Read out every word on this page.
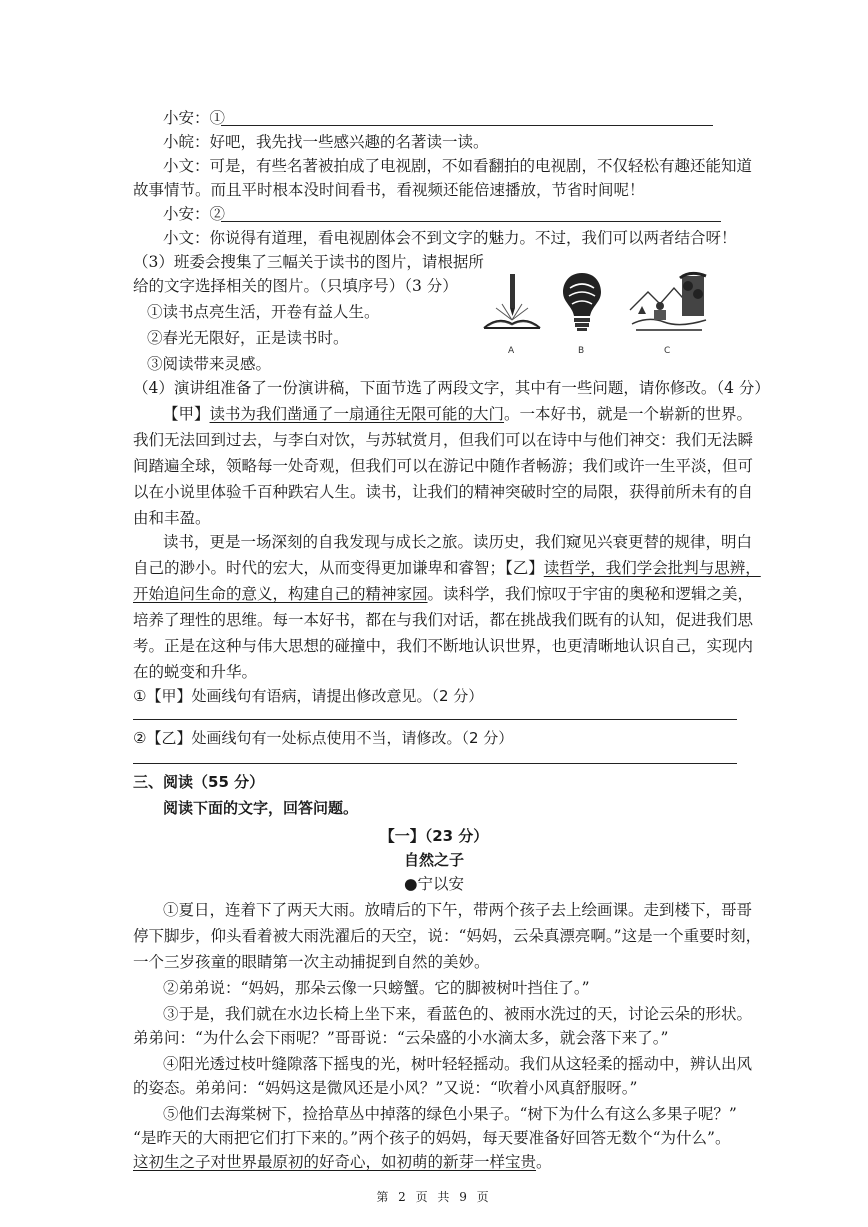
小安：①
小皖：好吧，我先找一些感兴趣的名著读一读。
小文：可是，有些名著被拍成了电视剧，不如看翻拍的电视剧，不仅轻松有趣还能知道
故事情节。而且平时根本没时间看书，看视频还能倍速播放，节省时间呢！
小安：②
小文：你说得有道理，看电视剧体会不到文字的魅力。不过，我们可以两者结合呀！
（3）班委会搜集了三幅关于读书的图片，请根据所
给的文字选择相关的图片。（只填序号）（3 分）
①读书点亮生活，开卷有益人生。
②春光无限好，正是读书时。
③阅读带来灵感。
A	B	C
（4）演讲组准备了一份演讲稿，下面节选了两段文字，其中有一些问题，请你修改。（4 分）
【甲】读书为我们凿通了一扇通往无限可能的大门。一本好书，就是一个崭新的世界。
我们无法回到过去，与李白对饮，与苏轼赏月，但我们可以在诗中与他们神交：我们无法瞬
间踏遍全球，领略每一处奇观，但我们可以在游记中随作者畅游；我们或许一生平淡，但可
以在小说里体验千百种跌宕人生。读书，让我们的精神突破时空的局限，获得前所未有的自
由和丰盈。
读书，更是一场深刻的自我发现与成长之旅。读历史，我们窥见兴衰更替的规律，明白
自己的渺小。时代的宏大，从而变得更加谦卑和睿智；【乙】读哲学，我们学会批判与思辨，
开始追问生命的意义，构建自己的精神家园。读科学，我们惊叹于宇宙的奥秘和逻辑之美，
培养了理性的思维。每一本好书，都在与我们对话，都在挑战我们既有的认知，促进我们思
考。正是在这种与伟大思想的碰撞中，我们不断地认识世界，也更清晰地认识自己，实现内
在的蜕变和升华。
①【甲】处画线句有语病，请提出修改意见。（2 分）
②【乙】处画线句有一处标点使用不当，请修改。（2 分）
三、阅读（55 分）
阅读下面的文字，回答问题。
【一】（23 分）
自然之子
●宁以安
①夏日，连着下了两天大雨。放晴后的下午，带两个孩子去上绘画课。走到楼下，哥哥
停下脚步，仰头看着被大雨洗濯后的天空，说：“妈妈，云朵真漂亮啊。”这是一个重要时刻，
一个三岁孩童的眼睛第一次主动捕捉到自然的美妙。
②弟弟说：“妈妈，那朵云像一只螃蟹。它的脚被树叶挡住了。”
③于是，我们就在水边长椅上坐下来，看蓝色的、被雨水洗过的天，讨论云朵的形状。
弟弟问：“为什么会下雨呢？”哥哥说：“云朵盛的小水滴太多，就会落下来了。”
④阳光透过枝叶缝隙落下摇曳的光，树叶轻轻摇动。我们从这轻柔的摇动中，辨认出风
的姿态。弟弟问：“妈妈这是微风还是小风？”又说：“吹着小风真舒服呀。”
⑤他们去海棠树下，捡拾草丛中掉落的绿色小果子。“树下为什么有这么多果子呢？”
“是昨天的大雨把它们打下来的。”两个孩子的妈妈，每天要准备好回答无数个“为什么”。
这初生之子对世界最原初的好奇心，如初萌的新芽一样宝贵。
第 2 页 共 9 页
